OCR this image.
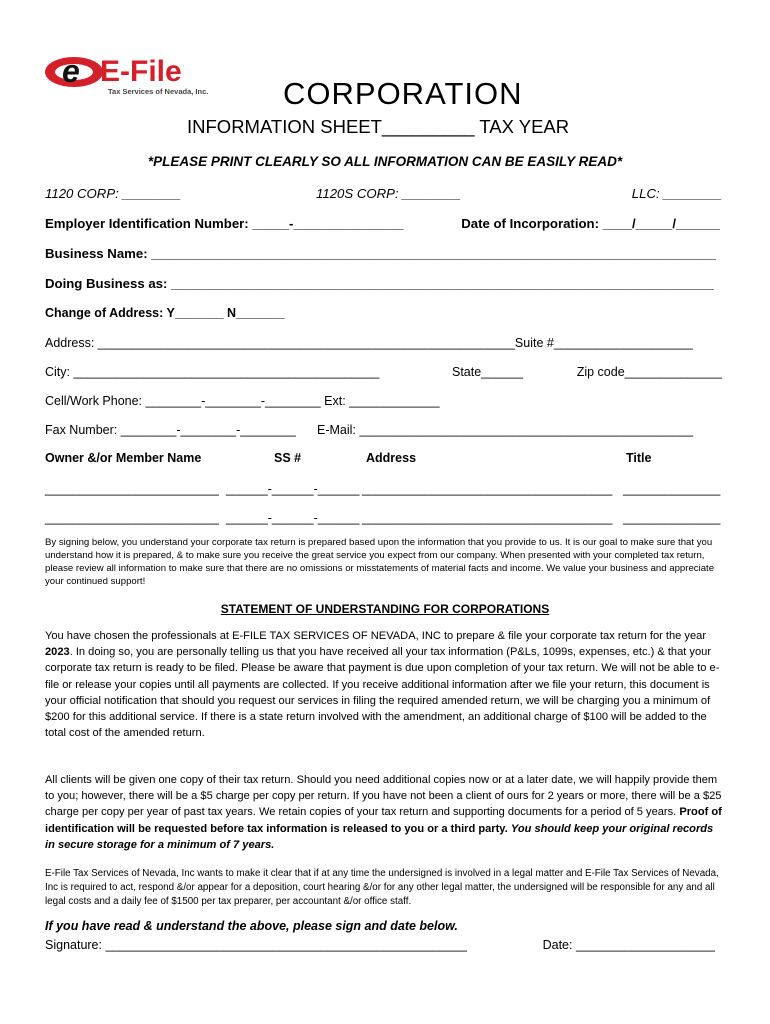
e E-File
Tax Services of Nevada, Inc. CORPORATION
INFORMATION SHEET_________ TAX YEAR
*PLEASE PRINT CLEARLY SO ALL INFORMATION CAN BE EASILY READ*
1120 CORP: ________	1120S CORP: ________	LLC: ________
Employer Identification Number: _____-_______________	Date of Incorporation: ____/_____/______
Business Name: _____________________________________________________________________________
Doing Business as: __________________________________________________________________________
Change of Address: Y_______ N_______
Address: ____________________________________________________________Suite #____________________
City: ____________________________________________	State______	Zip code______________
Cell/Work Phone: ________-________-________ Ext: _____________
Fax Number: ________-________-________ E-Mail: ________________________________________________
Owner &/or Member Name	SS #	Address	Title
_________________________ ______-______-______ ____________________________________ ______________
_________________________ ______-______-______ ____________________________________ ______________
By signing below, you understand your corporate tax return is prepared based upon the information that you provide to us. It is our goal to make sure that you understand how it is prepared, & to make sure you receive the great service you expect from our company. When presented with your completed tax return, please review all information to make sure that there are no omissions or misstatements of material facts and income. We value your business and appreciate your continued support!
STATEMENT OF UNDERSTANDING FOR CORPORATIONS
You have chosen the professionals at E-FILE TAX SERVICES OF NEVADA, INC to prepare & file your corporate tax return for the year 2023. In doing so, you are personally telling us that you have received all your tax information (P&Ls, 1099s, expenses, etc.) & that your corporate tax return is ready to be filed. Please be aware that payment is due upon completion of your tax return. We will not be able to e-file or release your copies until all payments are collected. If you receive additional information after we file your return, this document is your official notification that should you request our services in filing the required amended return, we will be charging you a minimum of $200 for this additional service. If there is a state return involved with the amendment, an additional charge of $100 will be added to the total cost of the amended return.
All clients will be given one copy of their tax return. Should you need additional copies now or at a later date, we will happily provide them to you; however, there will be a $5 charge per copy per return. If you have not been a client of ours for 2 years or more, there will be a $25 charge per copy per year of past tax years. We retain copies of your tax return and supporting documents for a period of 5 years. Proof of identification will be requested before tax information is released to you or a third party. You should keep your original records in secure storage for a minimum of 7 years.
E-File Tax Services of Nevada, Inc wants to make it clear that if at any time the undersigned is involved in a legal matter and E-File Tax Services of Nevada, Inc is required to act, respond &/or appear for a deposition, court hearing &/or for any other legal matter, the undersigned will be responsible for any and all legal costs and a daily fee of $1500 per tax preparer, per accountant &/or office staff.
If you have read & understand the above, please sign and date below.
Signature: ____________________________________________________	Date: ____________________
